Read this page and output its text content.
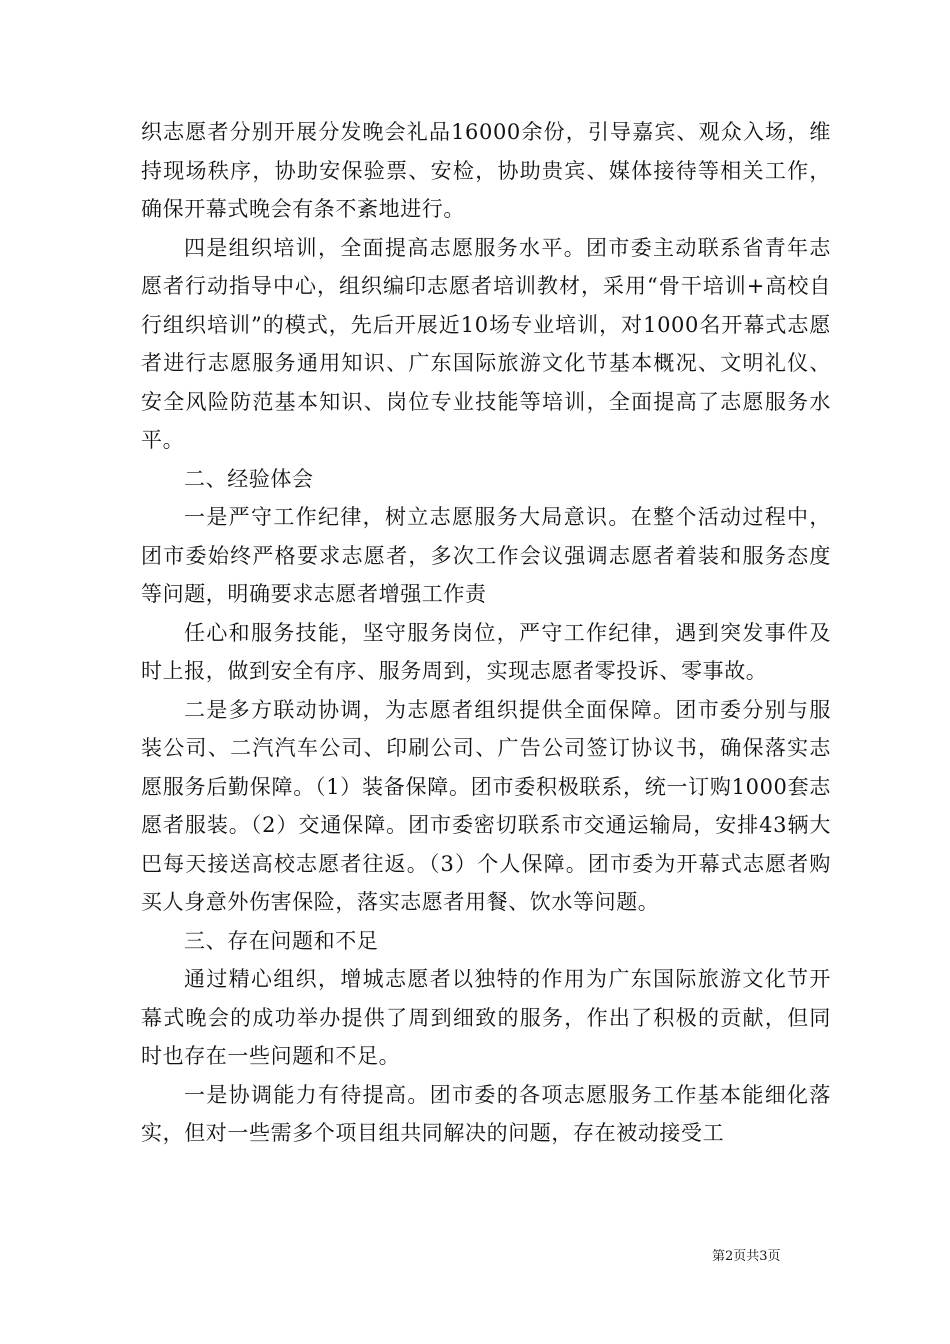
织志愿者分别开展分发晚会礼品16000余份，引导嘉宾、观众入场，维持现场秩序，协助安保验票、安检，协助贵宾、媒体接待等相关工作，确保开幕式晚会有条不紊地进行。

四是组织培训，全面提高志愿服务水平。团市委主动联系省青年志愿者行动指导中心，组织编印志愿者培训教材，采用“骨干培训+高校自行组织培训”的模式，先后开展近10场专业培训，对1000名开幕式志愿者进行志愿服务通用知识、广东国际旅游文化节基本概况、文明礼仪、安全风险防范基本知识、岗位专业技能等培训，全面提高了志愿服务水平。

二、经验体会

一是严守工作纪律，树立志愿服务大局意识。在整个活动过程中，团市委始终严格要求志愿者，多次工作会议强调志愿者着装和服务态度等问题，明确要求志愿者增强工作责

任心和服务技能，坚守服务岗位，严守工作纪律，遇到突发事件及时上报，做到安全有序、服务周到，实现志愿者零投诉、零事故。

二是多方联动协调，为志愿者组织提供全面保障。团市委分别与服装公司、二汽汽车公司、印刷公司、广告公司签订协议书，确保落实志愿服务后勤保障。（1）装备保障。团市委积极联系，统一订购1000套志愿者服装。（2）交通保障。团市委密切联系市交通运输局，安排43辆大巴每天接送高校志愿者往返。（3）个人保障。团市委为开幕式志愿者购买人身意外伤害保险，落实志愿者用餐、饮水等问题。

三、存在问题和不足

通过精心组织，增城志愿者以独特的作用为广东国际旅游文化节开幕式晚会的成功举办提供了周到细致的服务，作出了积极的贡献，但同时也存在一些问题和不足。

一是协调能力有待提高。团市委的各项志愿服务工作基本能细化落实，但对一些需多个项目组共同解决的问题，存在被动接受工

第2页共3页
